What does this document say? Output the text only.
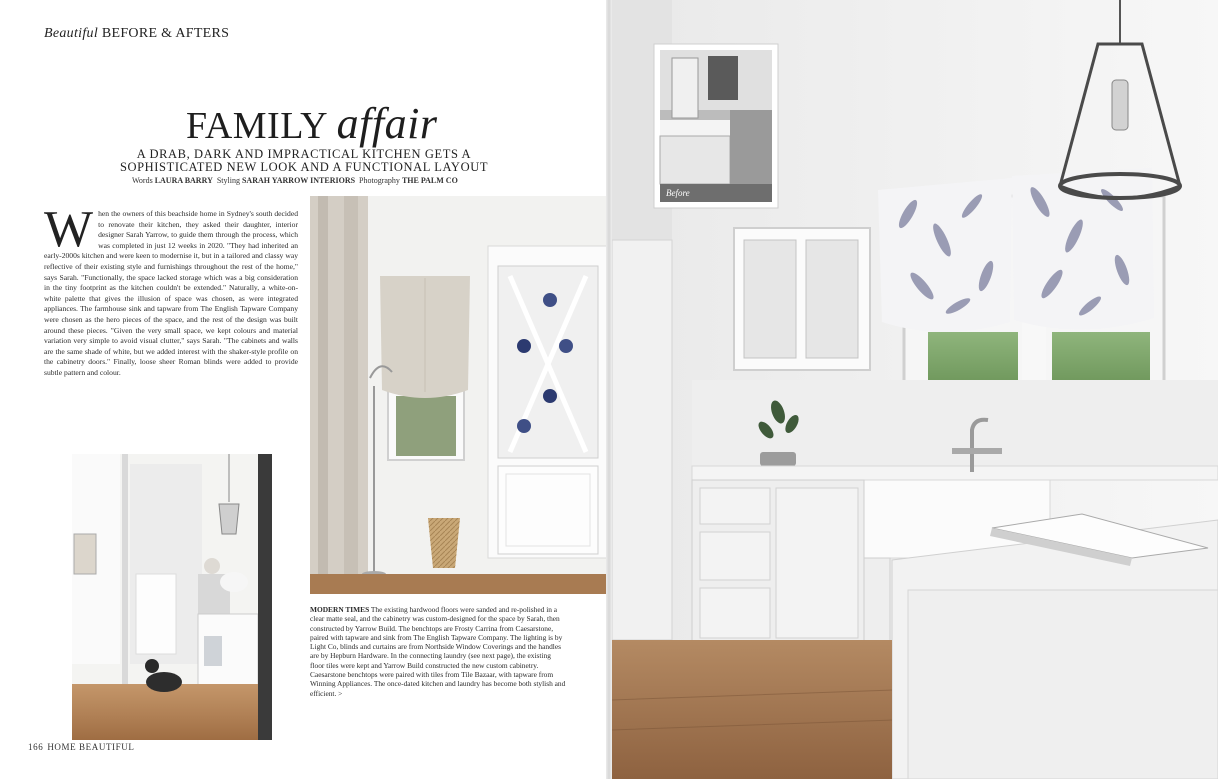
Beautiful BEFORE & AFTERS
FAMILY affair
A DRAB, DARK AND IMPRACTICAL KITCHEN GETS A SOPHISTICATED NEW LOOK AND A FUNCTIONAL LAYOUT
Words LAURA BARRY Styling SARAH YARROW INTERIORS Photography THE PALM CO
When the owners of this beachside home in Sydney's south decided to renovate their kitchen, they asked their daughter, interior designer Sarah Yarrow, to guide them through the process, which was completed in just 12 weeks in 2020. "They had inherited an early-2000s kitchen and were keen to modernise it, but in a tailored and classy way reflective of their existing style and furnishings throughout the rest of the home," says Sarah. "Functionally, the space lacked storage which was a big consideration in the tiny footprint as the kitchen couldn't be extended." Naturally, a white-on-white palette that gives the illusion of space was chosen, as were integrated appliances. The farmhouse sink and tapware from The English Tapware Company were chosen as the hero pieces of the space, and the rest of the design was built around these pieces. "Given the very small space, we kept colours and material variation very simple to avoid visual clutter," says Sarah. "The cabinets and walls are the same shade of white, but we added interest with the shaker-style profile on the cabinetry doors." Finally, loose sheer Roman blinds were added to provide subtle pattern and colour.
MODERN TIMES The existing hardwood floors were sanded and re-polished in a clear matte seal, and the cabinetry was custom-designed for the space by Sarah, then constructed by Yarrow Build. The benchtops are Frosty Carrina from Caesarstone, paired with tapware and sink from The English Tapware Company. The lighting is by Light Co, blinds and curtains are from Northside Window Coverings and the handles are by Hepburn Hardware. In the connecting laundry (see next page), the existing floor tiles were kept and Yarrow Build constructed the new custom cabinetry. Caesarstone benchtops were paired with tiles from Tile Bazaar, with tapware from Winning Appliances. The once-dated kitchen and laundry has become both stylish and efficient. >
166 HOME BEAUTIFUL
Before
